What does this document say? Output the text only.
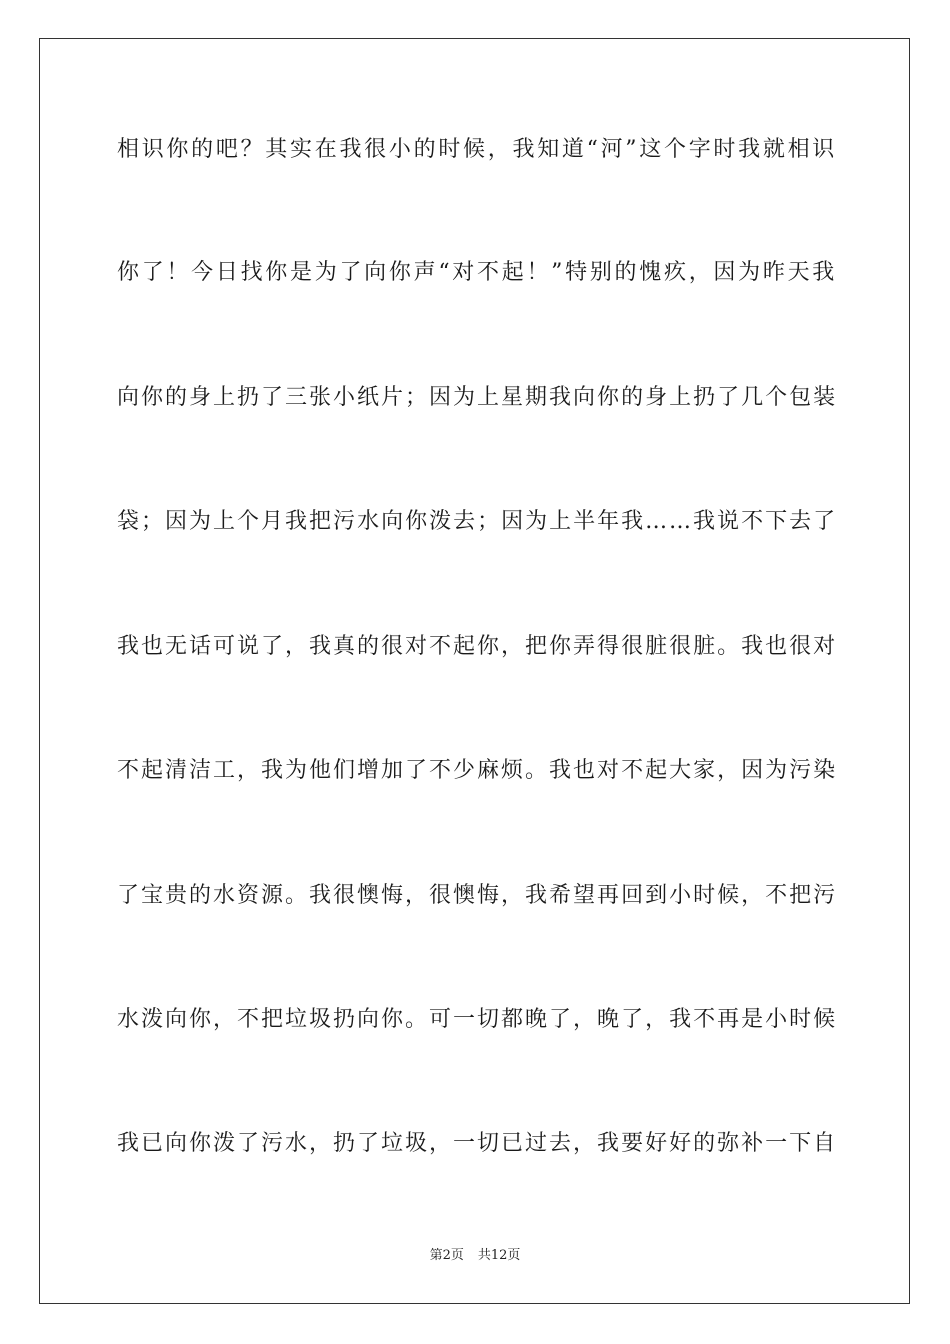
相识你的吧？其实在我很小的时候，我知道“河”这个字时我就相识
你了！今日找你是为了向你声“对不起！”特别的愧疚，因为昨天我
向你的身上扔了三张小纸片；因为上星期我向你的身上扔了几个包装
袋；因为上个月我把污水向你泼去；因为上半年我……我说不下去了
我也无话可说了，我真的很对不起你，把你弄得很脏很脏。我也很对
不起清洁工，我为他们增加了不少麻烦。我也对不起大家，因为污染
了宝贵的水资源。我很懊悔，很懊悔，我希望再回到小时候，不把污
水泼向你，不把垃圾扔向你。可一切都晚了，晚了，我不再是小时候
我已向你泼了污水，扔了垃圾，一切已过去，我要好好的弥补一下自
第2页 共12页
